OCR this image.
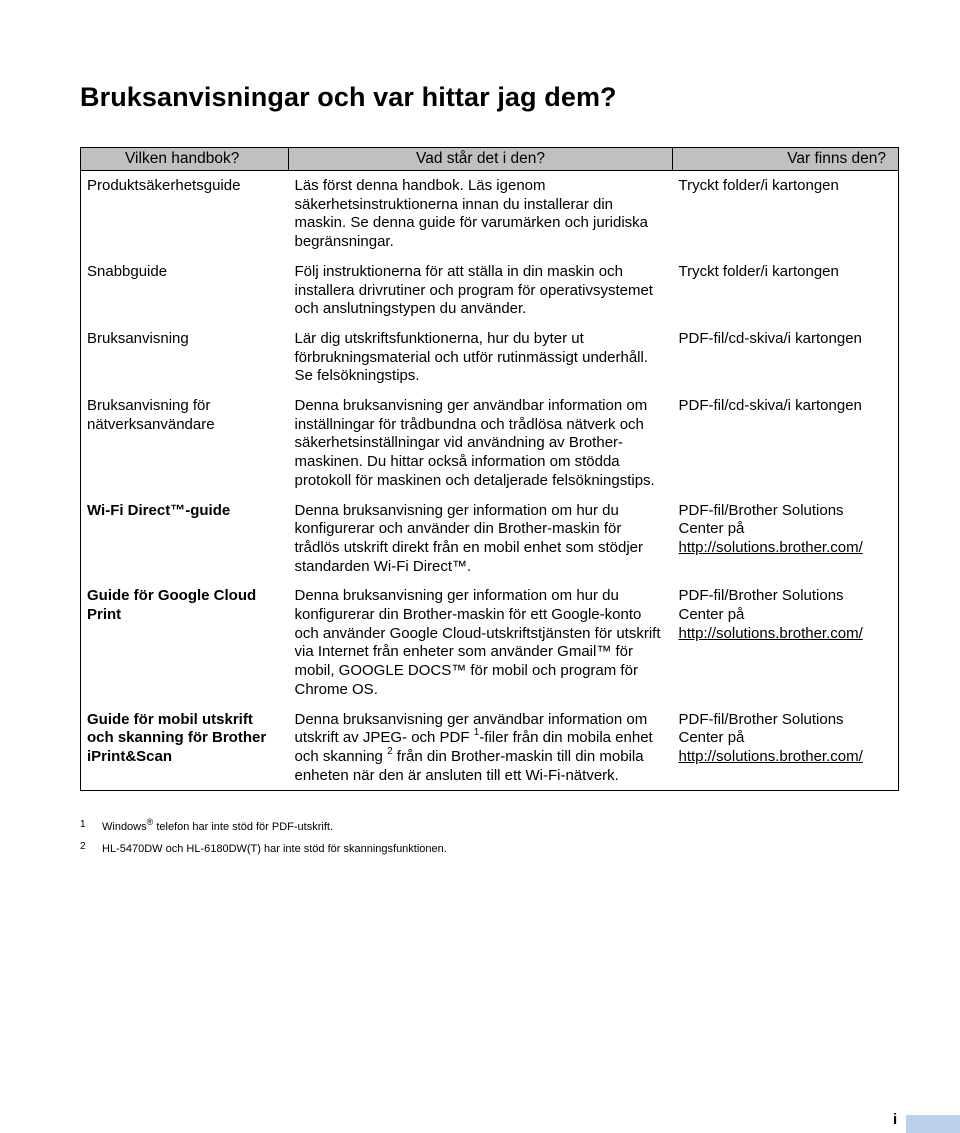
Bruksanvisningar och var hittar jag dem?
Vilken handbok?	Vad står det i den?	Var finns den?
Produktsäkerhetsguide	Läs först denna handbok. Läs igenom säkerhetsinstruktionerna innan du installerar din maskin. Se denna guide för varumärken och juridiska begränsningar.	Tryckt folder/i kartongen
Snabbguide	Följ instruktionerna för att ställa in din maskin och installera drivrutiner och program för operativsystemet och anslutningstypen du använder.	Tryckt folder/i kartongen
Bruksanvisning	Lär dig utskriftsfunktionerna, hur du byter ut förbrukningsmaterial och utför rutinmässigt underhåll. Se felsökningstips.	PDF-fil/cd-skiva/i kartongen
Bruksanvisning för nätverksanvändare	Denna bruksanvisning ger användbar information om inställningar för trådbundna och trådlösa nätverk och säkerhetsinställningar vid användning av Brother-maskinen. Du hittar också information om stödda protokoll för maskinen och detaljerade felsökningstips.	PDF-fil/cd-skiva/i kartongen
Wi-Fi Direct™-guide	Denna bruksanvisning ger information om hur du konfigurerar och använder din Brother-maskin för trådlös utskrift direkt från en mobil enhet som stödjer standarden Wi-Fi Direct™.	PDF-fil/Brother Solutions Center på
http://solutions.brother.com/
Guide för Google Cloud Print	Denna bruksanvisning ger information om hur du konfigurerar din Brother-maskin för ett Google-konto och använder Google Cloud-utskriftstjänsten för utskrift via Internet från enheter som använder Gmail™ för mobil, GOOGLE DOCS™ för mobil och program för Chrome OS.	PDF-fil/Brother Solutions Center på
http://solutions.brother.com/
Guide för mobil utskrift och skanning för Brother iPrint&Scan	Denna bruksanvisning ger användbar information om utskrift av JPEG- och PDF $^1$-filer från din mobila enhet och skanning $^2$ från din Brother-maskin till din mobila enheten när den är ansluten till ett Wi-Fi-nätverk.	PDF-fil/Brother Solutions Center på
http://solutions.brother.com/
1 Windows® telefon har inte stöd för PDF-utskrift.
2 HL-5470DW och HL-6180DW(T) har inte stöd för skanningsfunktionen.
i
